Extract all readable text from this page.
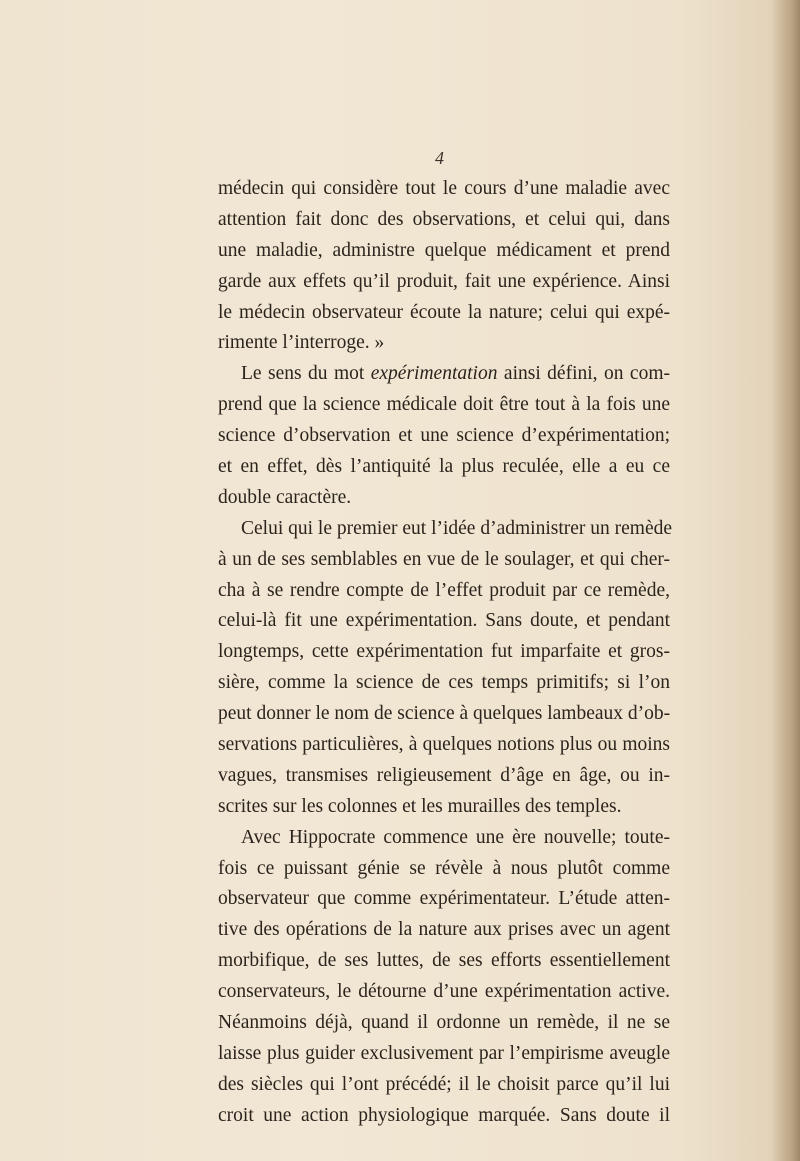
4
médecin qui considère tout le cours d’une maladie avec
attention fait donc des observations, et celui qui, dans
une maladie, administre quelque médicament et prend
garde aux effets qu’il produit, fait une expérience. Ainsi
le médecin observateur écoute la nature; celui qui expé-
rimente l’interroge. »
Le sens du mot expérimentation ainsi défini, on com-
prend que la science médicale doit être tout à la fois une
science d’observation et une science d’expérimentation;
et en effet, dès l’antiquité la plus reculée, elle a eu ce
double caractère.
Celui qui le premier eut l’idée d’administrer un remède
à un de ses semblables en vue de le soulager, et qui cher-
cha à se rendre compte de l’effet produit par ce remède,
celui-là fit une expérimentation. Sans doute, et pendant
longtemps, cette expérimentation fut imparfaite et gros-
sière, comme la science de ces temps primitifs; si l’on
peut donner le nom de science à quelques lambeaux d’ob-
servations particulières, à quelques notions plus ou moins
vagues, transmises religieusement d’âge en âge, ou in-
scrites sur les colonnes et les murailles des temples.
Avec Hippocrate commence une ère nouvelle; toute-
fois ce puissant génie se révèle à nous plutôt comme
observateur que comme expérimentateur. L’étude atten-
tive des opérations de la nature aux prises avec un agent
morbifique, de ses luttes, de ses efforts essentiellement
conservateurs, le détourne d’une expérimentation active.
Néanmoins déjà, quand il ordonne un remède, il ne se
laisse plus guider exclusivement par l’empirisme aveugle
des siècles qui l’ont précédé; il le choisit parce qu’il lui
croit une action physiologique marquée. Sans doute il
